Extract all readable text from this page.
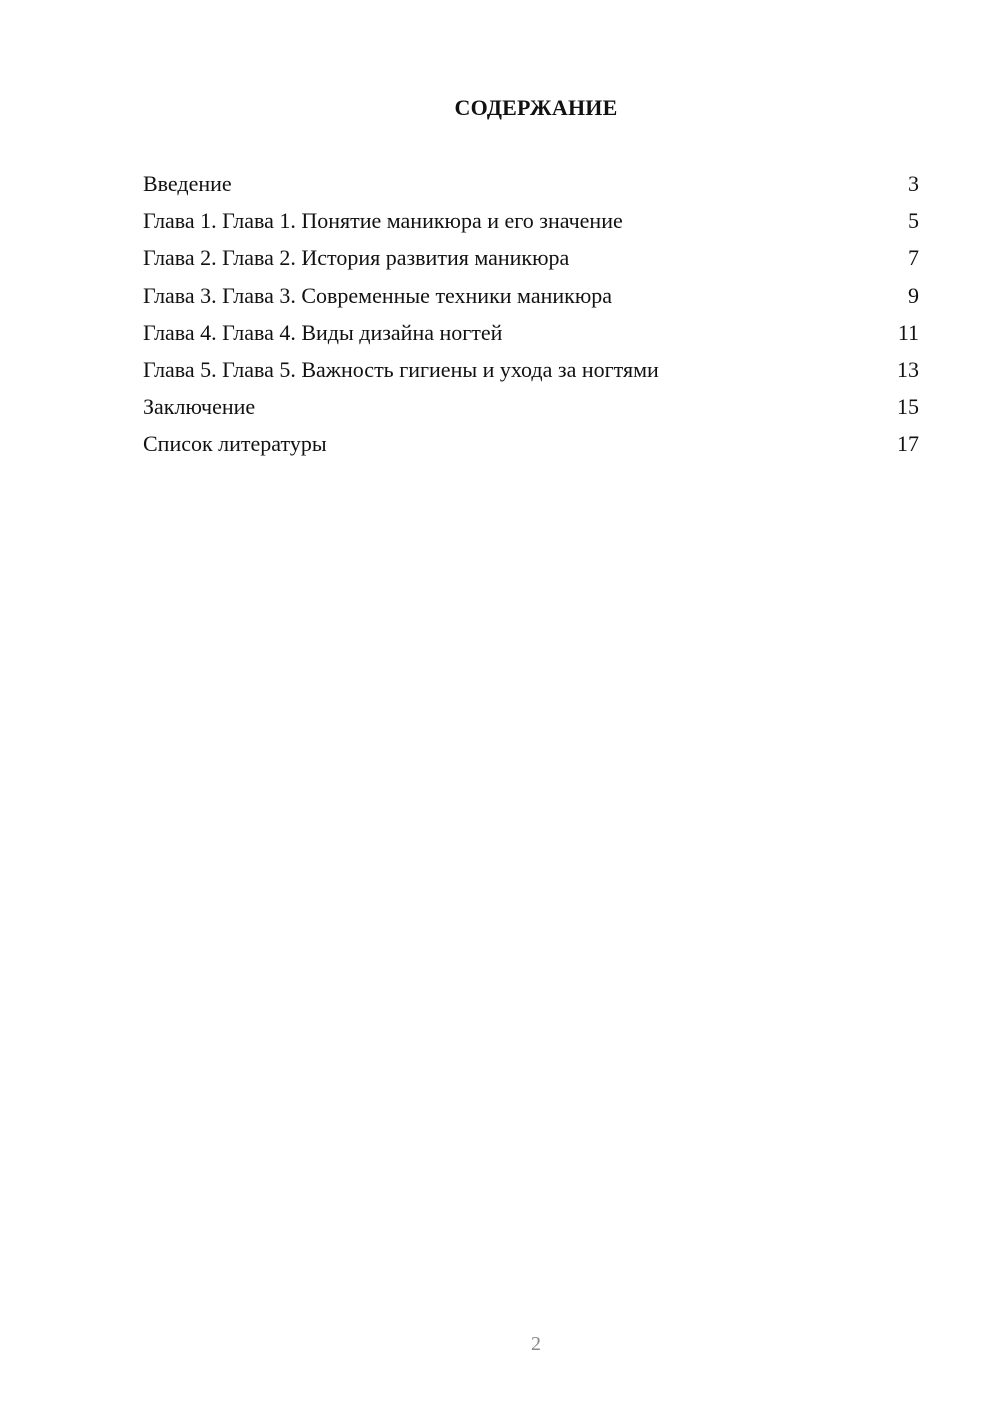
СОДЕРЖАНИЕ
Введение	3
Глава 1. Глава 1. Понятие маникюра и его значение	5
Глава 2. Глава 2. История развития маникюра	7
Глава 3. Глава 3. Современные техники маникюра	9
Глава 4. Глава 4. Виды дизайна ногтей	11
Глава 5. Глава 5. Важность гигиены и ухода за ногтями	13
Заключение	15
Список литературы	17
2
